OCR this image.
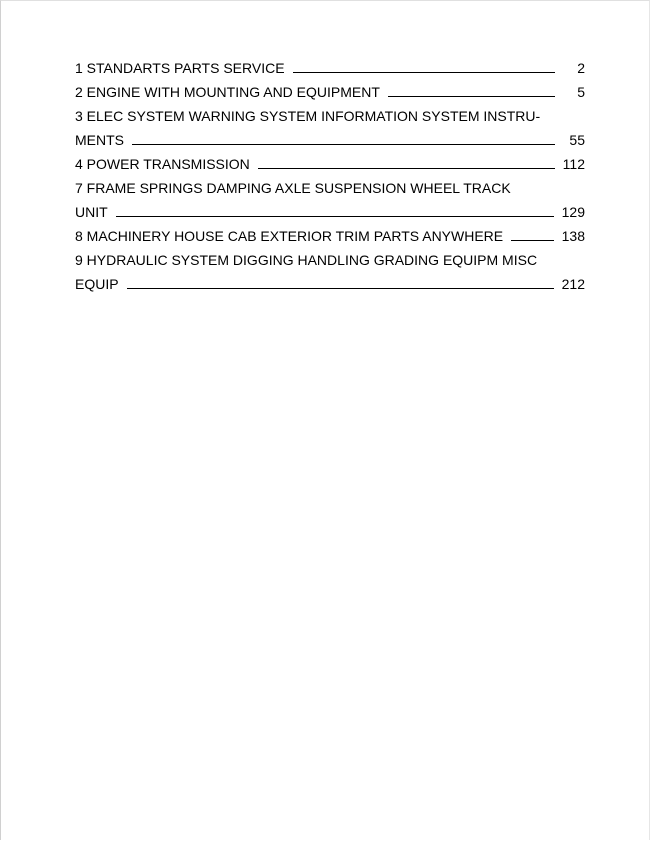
1 STANDARTS PARTS SERVICE	2
2 ENGINE WITH MOUNTING AND EQUIPMENT	5
3 ELEC SYSTEM WARNING SYSTEM INFORMATION SYSTEM INSTRU-
MENTS	55
4 POWER TRANSMISSION	112
7 FRAME SPRINGS DAMPING AXLE SUSPENSION WHEEL TRACK
UNIT	129
8 MACHINERY HOUSE CAB EXTERIOR TRIM PARTS ANYWHERE	138
9 HYDRAULIC SYSTEM DIGGING HANDLING GRADING EQUIPM MISC
EQUIP	212
